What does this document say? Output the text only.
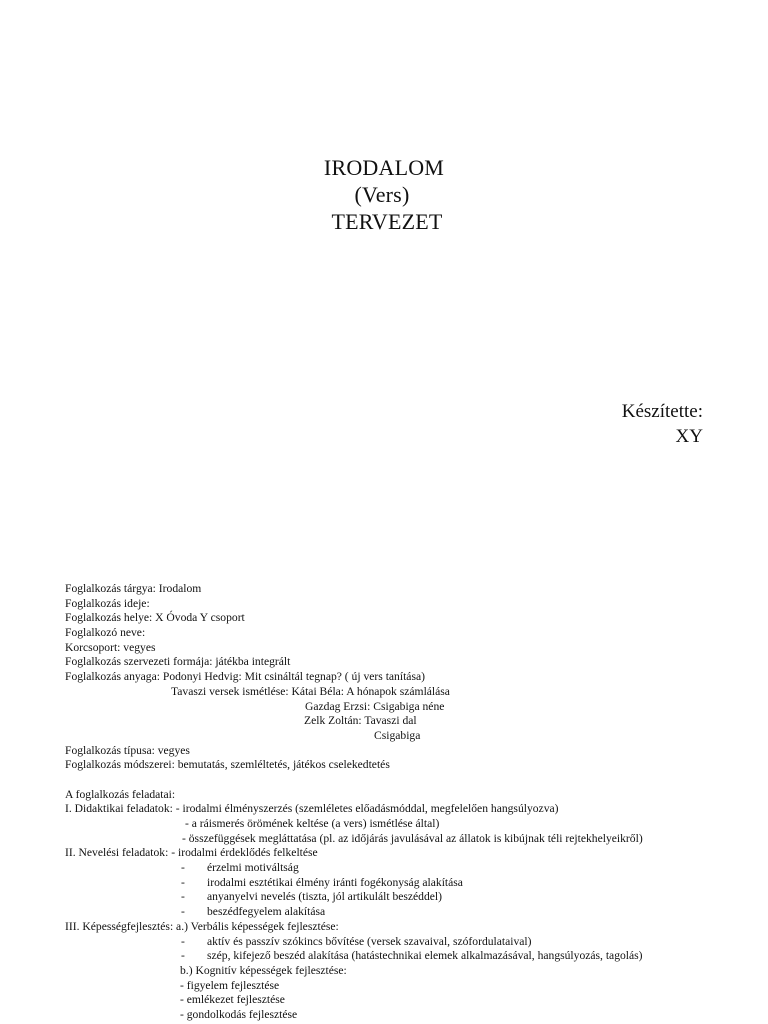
IRODALOM
(Vers)
TERVEZET
Készítette:
XY
Foglalkozás tárgya: Irodalom
Foglalkozás ideje:
Foglalkozás helye: X Óvoda Y csoport
Foglalkozó neve:
Korcsoport: vegyes
Foglalkozás szervezeti formája: játékba integrált
Foglalkozás anyaga: Podonyi Hedvig: Mit csináltál tegnap? ( új vers tanítása)
Tavaszi versek ismétlése: Kátai Béla: A hónapok számlálása
Gazdag Erzsi: Csigabiga néne
Zelk Zoltán: Tavaszi dal
Csigabiga
Foglalkozás típusa: vegyes
Foglalkozás módszerei: bemutatás, szemléltetés, játékos cselekedtetés
A foglalkozás feladatai:
I. Didaktikai feladatok: - irodalmi élményszerzés (szemléletes előadásmóddal, megfelelően hangsúlyozva)
- a ráismerés örömének keltése (a vers) ismétlése által)
- összefüggések megláttatása (pl. az időjárás javulásával az állatok is kibújnak téli rejtekhelyeikről)
II. Nevelési feladatok: - irodalmi érdeklődés felkeltése
- érzelmi motiváltság
- irodalmi esztétikai élmény iránti fogékonyság alakítása
- anyanyelvi nevelés (tiszta, jól artikulált beszéddel)
- beszédfegyelem alakítása
III. Képességfejlesztés: a.) Verbális képességek fejlesztése:
- aktív és passzív szókincs bővítése (versek szavaival, szófordulataival)
- szép, kifejező beszéd alakítása (hatástechnikai elemek alkalmazásával, hangsúlyozás, tagolás)
b.) Kognitív képességek fejlesztése:
- figyelem fejlesztése
- emlékezet fejlesztése
- gondolkodás fejlesztése
